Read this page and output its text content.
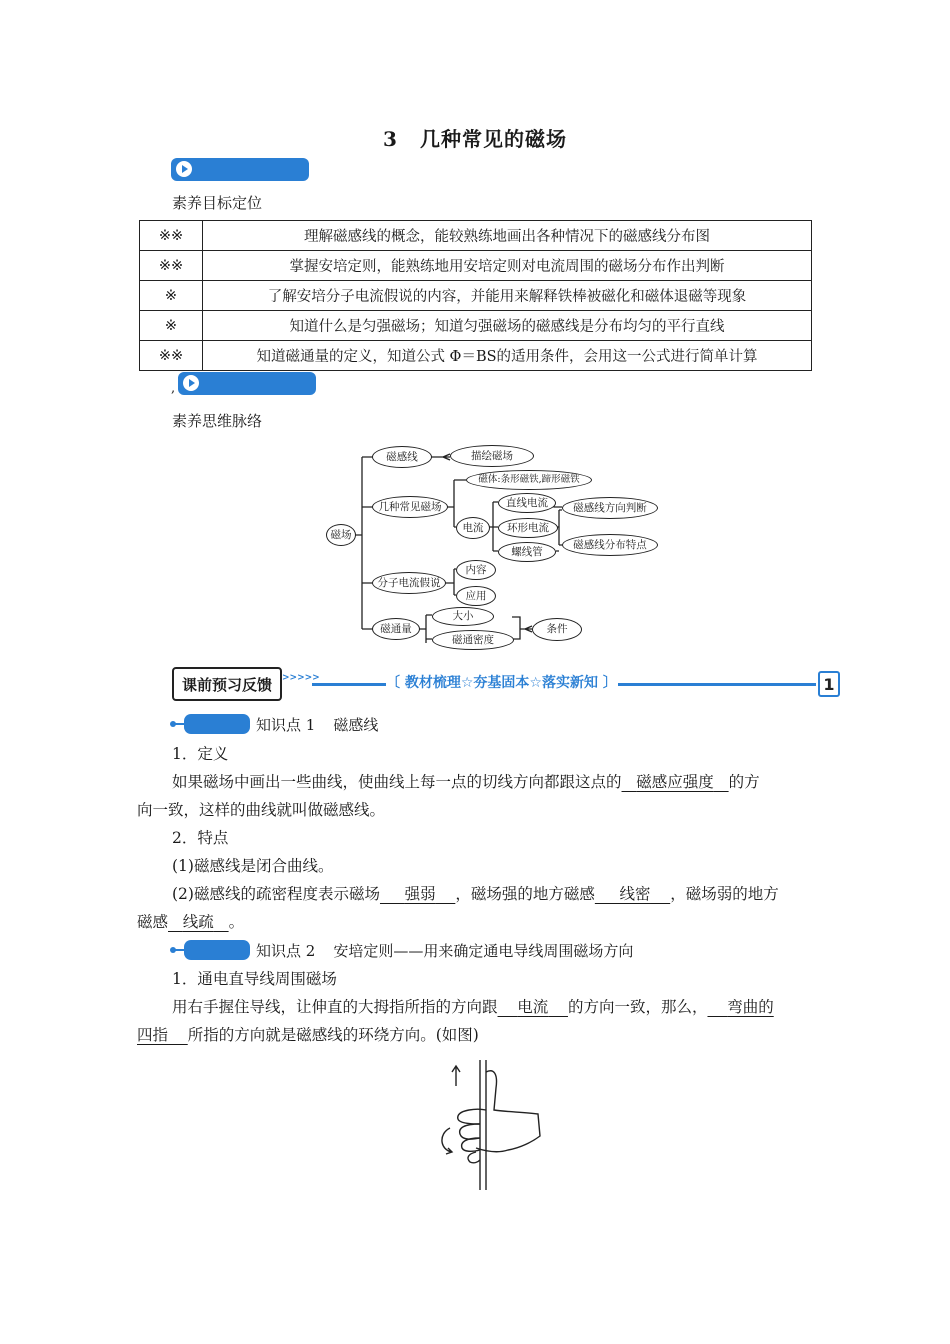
3 几种常见的磁场
素养目标定位
※※	理解磁感线的概念，能较熟练地画出各种情况下的磁感线分布图
※※	掌握安培定则，能熟练地用安培定则对电流周围的磁场分布作出判断
※	了解安培分子电流假说的内容，并能用来解释铁棒被磁化和磁体退磁等现象
※	知道什么是匀强磁场；知道匀强磁场的磁感线是分布均匀的平行直线
※※	知道磁通量的定义，知道公式 Φ＝BS的适用条件，会用这一公式进行简单计算
,
素养思维脉络
磁场
磁感线	描绘磁场
几种常见磁场
磁体:条形磁铁,蹄形磁铁
电流
直线电流
环形电流
螺线管
磁感线方向判断
磁感线分布特点
分子电流假说
内容
应用
磁通量
大小
磁通密度
条件
课前预习反馈	>>>>>	〔 教材梳理☆夯基固本☆落实新知 〕	1
知识点 1 磁感线
1．定义
如果磁场中画出一些曲线，使曲线上每一点的切线方向都跟这点的 磁感应强度 的方
向一致，这样的曲线就叫做磁感线。
2．特点
(1)磁感线是闭合曲线。
(2)磁感线的疏密程度表示磁场 强弱 ，磁场强的地方磁感 线密 ，磁场弱的地方
磁感 线疏 。
知识点 2 安培定则——用来确定通电导线周围磁场方向
1．通电直导线周围磁场
用右手握住导线，让伸直的大拇指所指的方向跟 电流 的方向一致，那么， 弯曲的
四指 所指的方向就是磁感线的环绕方向。(如图)
